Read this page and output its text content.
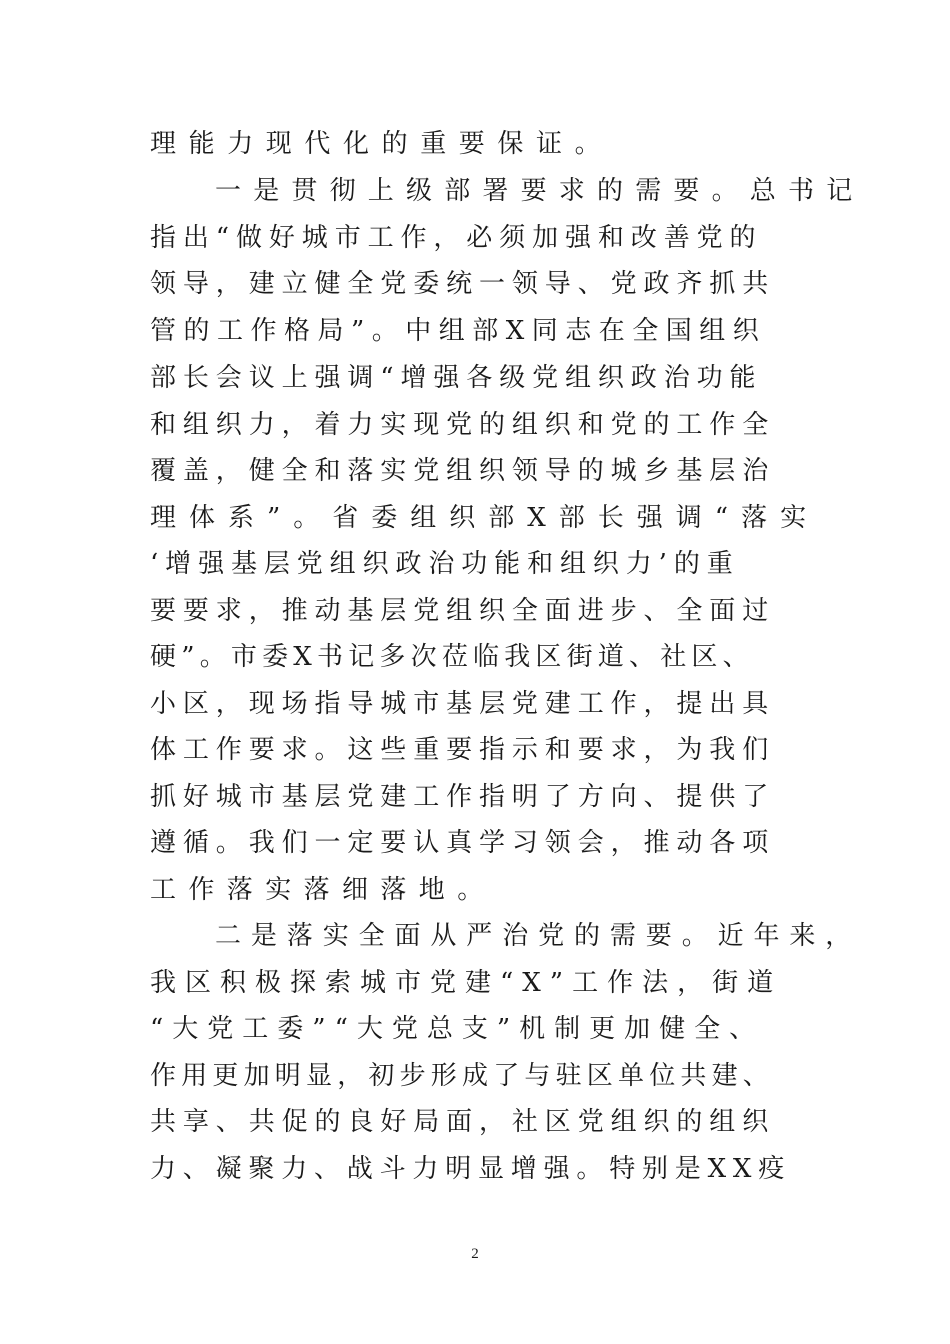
理能力现代化的重要保证。
一是贯彻上级部署要求的需要。总书记
指出“做好城市工作，必须加强和改善党的
领导，建立健全党委统一领导、党政齐抓共
管的工作格局”。中组部X同志在全国组织
部长会议上强调“增强各级党组织政治功能
和组织力，着力实现党的组织和党的工作全
覆盖，健全和落实党组织领导的城乡基层治
理体系”。省委组织部X部长强调“落实
‘增强基层党组织政治功能和组织力’的重
要要求，推动基层党组织全面进步、全面过
硬”。市委X书记多次莅临我区街道、社区、
小区，现场指导城市基层党建工作，提出具
体工作要求。这些重要指示和要求，为我们
抓好城市基层党建工作指明了方向、提供了
遵循。我们一定要认真学习领会，推动各项
工作落实落细落地。
二是落实全面从严治党的需要。近年来，
我区积极探索城市党建“X”工作法，街道
“大党工委”“大党总支”机制更加健全、
作用更加明显，初步形成了与驻区单位共建、
共享、共促的良好局面，社区党组织的组织
力、凝聚力、战斗力明显增强。特别是XX疫
2
